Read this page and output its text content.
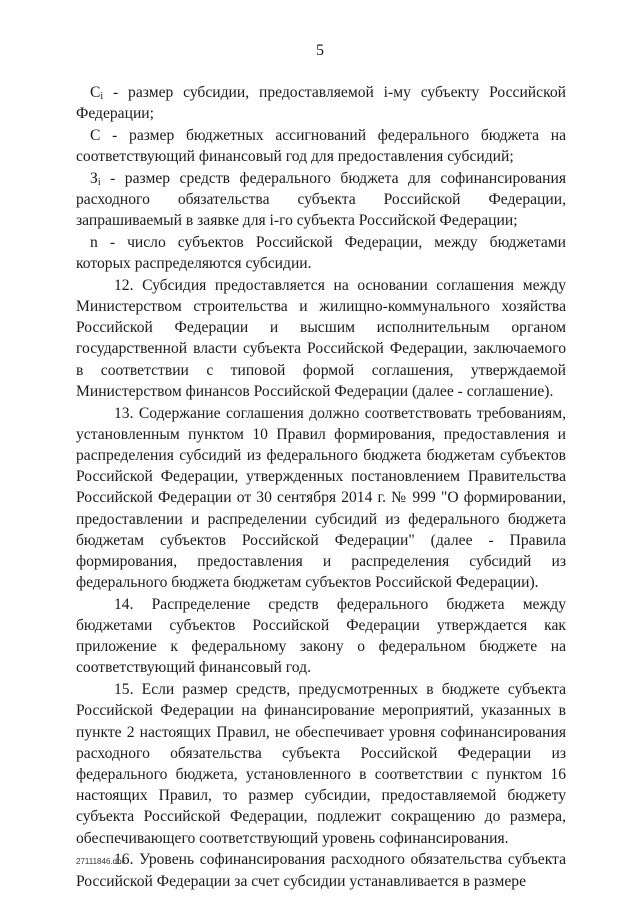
5

$C_i$ - размер субсидии, предоставляемой i-му субъекту Российской Федерации;

C - размер бюджетных ассигнований федерального бюджета на соответствующий финансовый год для предоставления субсидий;

$З_i$ - размер средств федерального бюджета для софинансирования расходного обязательства субъекта Российской Федерации, запрашиваемый в заявке для i-го субъекта Российской Федерации;

n - число субъектов Российской Федерации, между бюджетами которых распределяются субсидии.

12. Субсидия предоставляется на основании соглашения между Министерством строительства и жилищно-коммунального хозяйства Российской Федерации и высшим исполнительным органом государственной власти субъекта Российской Федерации, заключаемого в соответствии с типовой формой соглашения, утверждаемой Министерством финансов Российской Федерации (далее - соглашение).

13. Содержание соглашения должно соответствовать требованиям, установленным пунктом 10 Правил формирования, предоставления и распределения субсидий из федерального бюджета бюджетам субъектов Российской Федерации, утвержденных постановлением Правительства Российской Федерации от 30 сентября 2014 г. № 999 "О формировании, предоставлении и распределении субсидий из федерального бюджета бюджетам субъектов Российской Федерации" (далее - Правила формирования, предоставления и распределения субсидий из федерального бюджета бюджетам субъектов Российской Федерации).

14. Распределение средств федерального бюджета между бюджетами субъектов Российской Федерации утверждается как приложение к федеральному закону о федеральном бюджете на соответствующий финансовый год.

15. Если размер средств, предусмотренных в бюджете субъекта Российской Федерации на финансирование мероприятий, указанных в пункте 2 настоящих Правил, не обеспечивает уровня софинансирования расходного обязательства субъекта Российской Федерации из федерального бюджета, установленного в соответствии с пунктом 16 настоящих Правил, то размер субсидии, предоставляемой бюджету субъекта Российской Федерации, подлежит сокращению до размера, обеспечивающего соответствующий уровень софинансирования.

16. Уровень софинансирования расходного обязательства субъекта Российской Федерации за счет субсидии устанавливается в размере

27111846.doc
